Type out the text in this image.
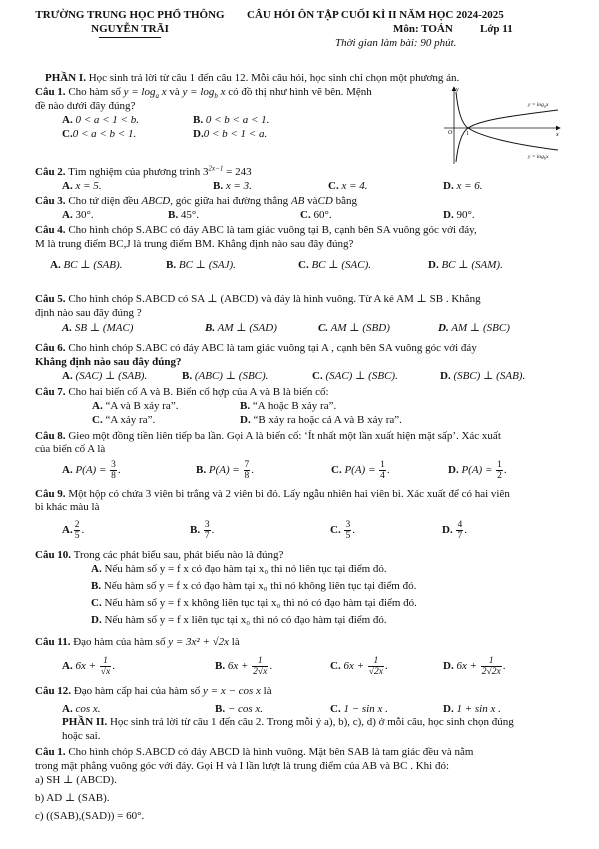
TRƯỜNG TRUNG HỌC PHỔ THÔNG
NGUYỄN TRÃI
CÂU HỎI ÔN TẬP CUỐI KÌ II NĂM HỌC 2024-2025
Môn: TOÁN Lớp 11
Thời gian làm bài: 90 phút.
PHẦN I. Học sinh trả lời từ câu 1 đến câu 12. Mỗi câu hỏi, học sinh chỉ chọn một phương án.
Câu 1. Cho hàm số $y = \log_a x$ và $y = \log_b x$ có đồ thị như hình vẽ bên. Mệnh
đề nào dưới đây đúng?
A. 0 < a < 1 < b.	B. 0 < b < a < 1.
C.0 < a < b < 1.	D.0 < b < 1 < a.	O 1
y
x
$y = \log_ax$
$y = \log_bx$
Câu 2. Tìm nghiệm của phương trình $3^{2x-1} = 243$
A. x = 5.	B. x = 3.	C. x = 4.	D. x = 6.
Câu 3. Cho tứ diện đều ABCD, góc giữa hai đường thẳng AB vàCD bằng
A. 30°.	B. 45°.	C. 60°.	D. 90°.
Câu 4. Cho hình chóp S.ABC có đáy ABC là tam giác vuông tại B, cạnh bên SA vuông góc với đáy,
M là trung điểm BC,J là trung điểm BM. Khẳng định nào sau đây đúng?
A. BC ⊥ (SAB).	B. BC ⊥ (SAJ).	C. BC ⊥ (SAC).	D. BC ⊥ (SAM).
Câu 5. Cho hình chóp S.ABCD có SA ⊥ (ABCD) và đáy là hình vuông. Từ A kẻ AM ⊥ SB . Khẳng
định nào sau đây đúng ?
A. SB ⊥ (MAC)	B. AM ⊥ (SAD)	C. AM ⊥ (SBD)	D. AM ⊥ (SBC)
Câu 6. Cho hình chóp S.ABC có đáy ABC là tam giác vuông tại A , cạnh bên SA vuông góc với đáy
Khẳng định nào sau đây đúng?
A. (SAC) ⊥ (SAB).	B. (ABC) ⊥ (SBC).	C. (SAC) ⊥ (SBC).	D. (SBC) ⊥ (SAB).
Câu 7. Cho hai biến cố A và B. Biến cố hợp của A và B là biến cố:
A. “A và B xảy ra”.	B. “A hoặc B xảy ra”.
C. “A xảy ra”.	D. “B xảy ra hoặc cả A và B xảy ra”.
Câu 8. Gieo một đồng tiền liên tiếp ba lần. Gọi A là biến cố: ‘Ít nhất một lần xuất hiện mặt sấp’. Xác xuất
của biến cố A là
A. $P(A) = \frac{3}{8}$ .	B. $P(A) = \frac{7}{8}$ .	C. $P(A) = \frac{1}{4}$ .	D. $P(A) = \frac{1}{2}$ .
Câu 9. Một hộp có chứa 3 viên bi trắng và 2 viên bi đỏ. Lấy ngẫu nhiên hai viên bi. Xác xuất để có hai viên
bi khác màu là
A. $\frac{2}{5}$ .	B. $\frac{3}{7}$ .	C. $\frac{3}{5}$ .	D. $\frac{4}{7}$ .
Câu 10. Trong các phát biểu sau, phát biểu nào là đúng?
A. Nếu hàm số y = f x có đạo hàm tại x₀ thì nó liên tục tại điểm đó.
B. Nếu hàm số y = f x có đạo hàm tại x₀ thì nó không liên tục tại điểm đó.
C. Nếu hàm số y = f x không liên tục tại x₀ thì nó có đạo hàm tại điểm đó.
D. Nếu hàm số y = f x liên tục tại x₀ thì nó có đạo hàm tại điểm đó.
Câu 11. Đạo hàm của hàm số y = 3x² + √2x là
A. $6x + \frac{1}{√x}$ .	B. $6x + \frac{1}{2√x}$ .	C. $6x + \frac{1}{√2x}$ .	D. $6x + \frac{1}{2√2x}$ .
Câu 12. Đạo hàm cấp hai của hàm số y = x − cos x là
A. cos x.	B. − cos x.	C. 1 − sin x .	D. 1 + sin x .
PHẦN II. Học sinh trả lời từ câu 1 đến câu 2. Trong mỗi ý a), b), c), d) ở mỗi câu, học sinh chọn đúng
hoặc sai.
Câu 1. Cho hình chóp S.ABCD có đáy ABCD là hình vuông. Mặt bên SAB là tam giác đều và nằm
trong mặt phẳng vuông góc với đáy. Gọi H và I lần lượt là trung điểm của AB và BC . Khi đó:
a) SH ⊥ (ABCD).
b) AD ⊥ (SAB).
c) ((SAB),(SAD)) = 60°.
